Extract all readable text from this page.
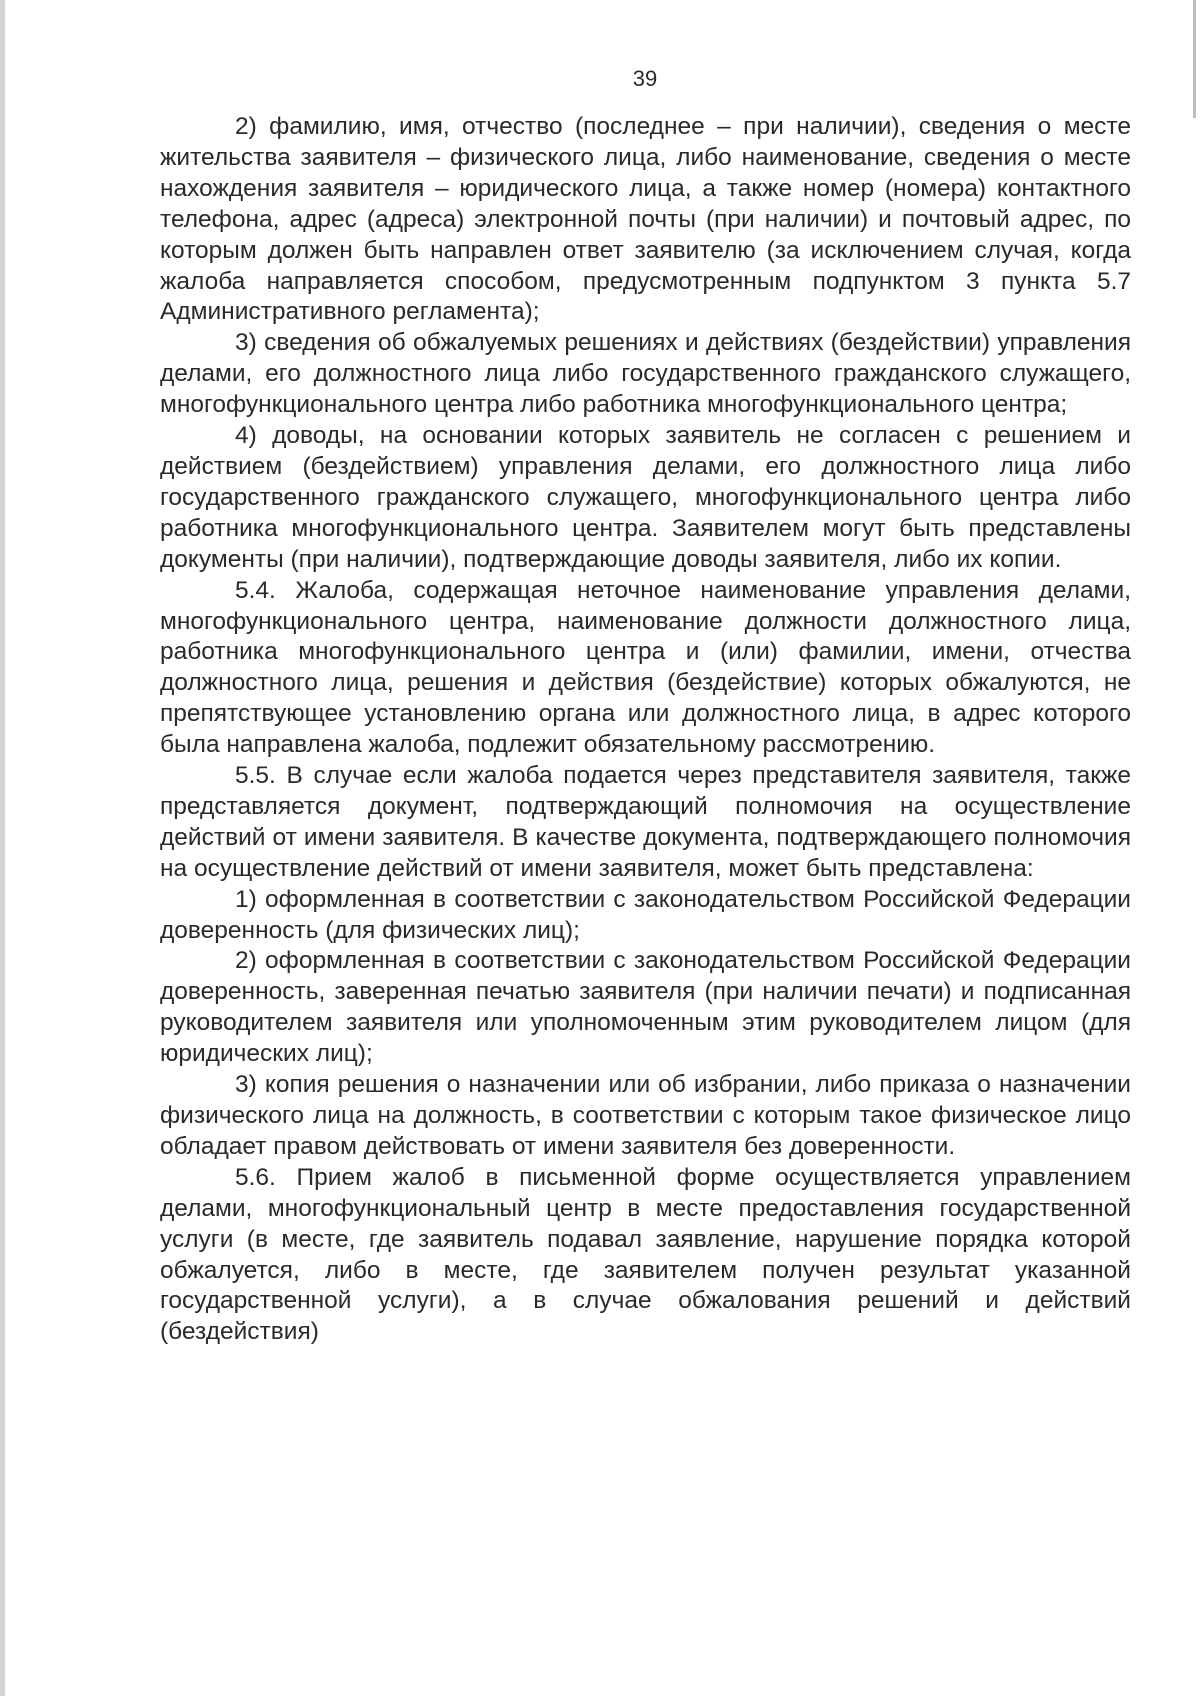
39

2) фамилию, имя, отчество (последнее – при наличии), сведения о месте жительства заявителя – физического лица, либо наименование, сведения о месте нахождения заявителя – юридического лица, а также номер (номера) контактного телефона, адрес (адреса) электронной почты (при наличии) и почтовый адрес, по которым должен быть направлен ответ заявителю (за исключением случая, когда жалоба направляется способом, предусмотренным подпунктом 3 пункта 5.7 Административного регламента);

3) сведения об обжалуемых решениях и действиях (бездействии) управления делами, его должностного лица либо государственного гражданского служащего, многофункционального центра либо работника многофункционального центра;

4) доводы, на основании которых заявитель не согласен с решением и действием (бездействием) управления делами, его должностного лица либо государственного гражданского служащего, многофункционального центра либо работника многофункционального центра. Заявителем могут быть представлены документы (при наличии), подтверждающие доводы заявителя, либо их копии.

5.4. Жалоба, содержащая неточное наименование управления делами, многофункционального центра, наименование должности должностного лица, работника многофункционального центра и (или) фамилии, имени, отчества должностного лица, решения и действия (бездействие) которых обжалуются, не препятствующее установлению органа или должностного лица, в адрес которого была направлена жалоба, подлежит обязательному рассмотрению.

5.5. В случае если жалоба подается через представителя заявителя, также представляется документ, подтверждающий полномочия на осуществление действий от имени заявителя. В качестве документа, подтверждающего полномочия на осуществление действий от имени заявителя, может быть представлена:

1) оформленная в соответствии с законодательством Российской Федерации доверенность (для физических лиц);

2) оформленная в соответствии с законодательством Российской Федерации доверенность, заверенная печатью заявителя (при наличии печати) и подписанная руководителем заявителя или уполномоченным этим руководителем лицом (для юридических лиц);

3) копия решения о назначении или об избрании, либо приказа о назначении физического лица на должность, в соответствии с которым такое физическое лицо обладает правом действовать от имени заявителя без доверенности.

5.6. Прием жалоб в письменной форме осуществляется управлением делами, многофункциональный центр в месте предоставления государственной услуги (в месте, где заявитель подавал заявление, нарушение порядка которой обжалуется, либо в месте, где заявителем получен результат указанной государственной услуги), а в случае обжалования решений и действий (бездействия)
